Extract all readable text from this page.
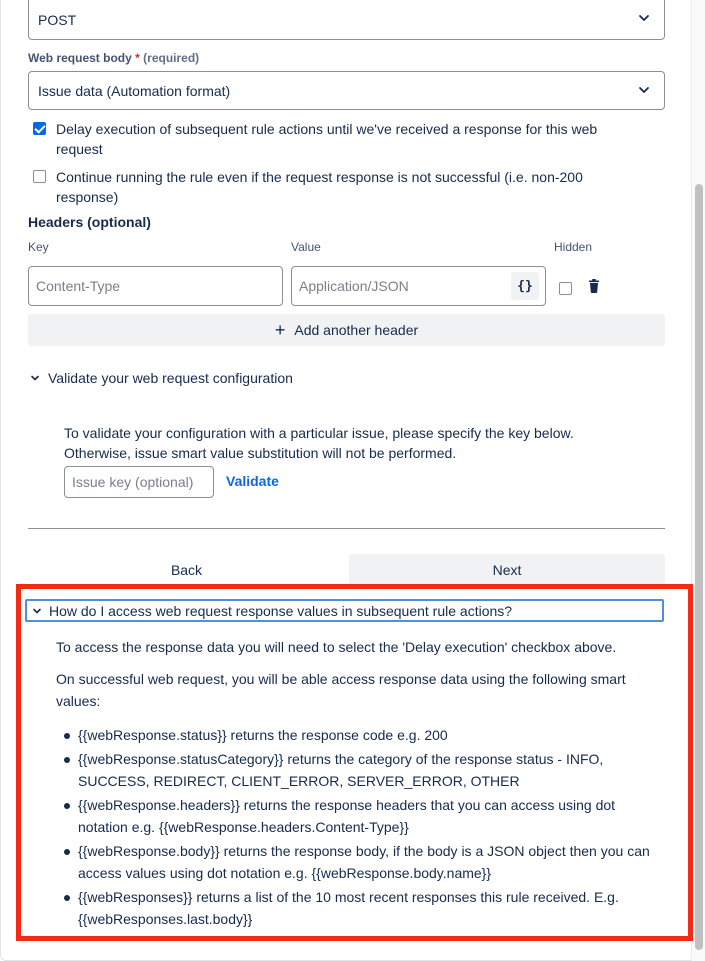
POST
Web request body * (required)
Issue data (Automation format)
Delay execution of subsequent rule actions until we've received a response for this web request
Continue running the rule even if the request response is not successful (i.e. non-200 response)
Headers (optional)
Key	Value	Hidden
Content-Type	Application/JSON	{}
+ Add another header
Validate your web request configuration
To validate your configuration with a particular issue, please specify the key below. Otherwise, issue smart value substitution will not be performed.
Issue key (optional) Validate
Back	Next
How do I access web request response values in subsequent rule actions?

To access the response data you will need to select the 'Delay execution' checkbox above.

On successful web request, you will be able access response data using the following smart values:

{{webResponse.status}} returns the response code e.g. 200
{{webResponse.statusCategory}} returns the category of the response status - INFO, SUCCESS, REDIRECT, CLIENT_ERROR, SERVER_ERROR, OTHER
{{webResponse.headers}} returns the response headers that you can access using dot notation e.g. {{webResponse.headers.Content-Type}}
{{webResponse.body}} returns the response body, if the body is a JSON object then you can access values using dot notation e.g. {{webResponse.body.name}}
{{webResponses}} returns a list of the 10 most recent responses this rule received. E.g. {{webResponses.last.body}}
